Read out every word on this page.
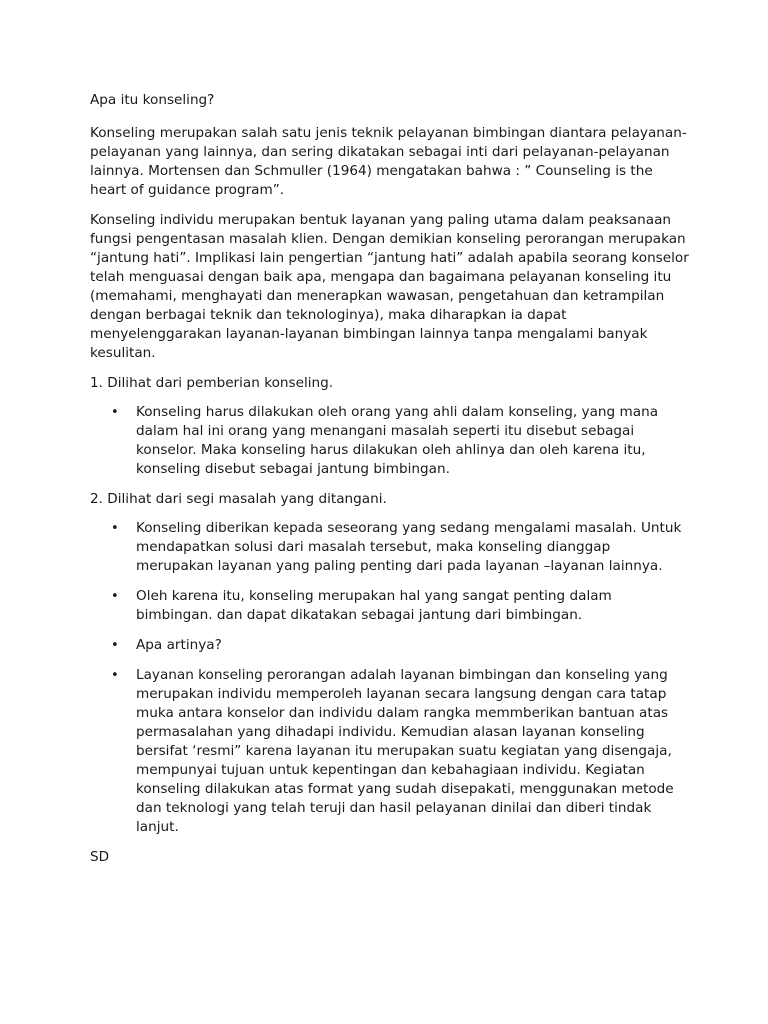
Apa itu konseling?

Konseling merupakan salah satu jenis teknik pelayanan bimbingan diantara pelayanan-pelayanan yang lainnya, dan sering dikatakan sebagai inti dari pelayanan-pelayanan lainnya. Mortensen dan Schmuller (1964) mengatakan bahwa : ” Counseling is the heart of guidance program”.

Konseling individu merupakan bentuk layanan yang paling utama dalam peaksanaan fungsi pengentasan masalah klien. Dengan demikian konseling perorangan merupakan “jantung hati”. Implikasi lain pengertian “jantung hati” adalah apabila seorang konselor telah menguasai dengan baik apa, mengapa dan bagaimana pelayanan konseling itu (memahami, menghayati dan menerapkan wawasan, pengetahuan dan ketrampilan dengan berbagai teknik dan teknologinya), maka diharapkan ia dapat menyelenggarakan layanan-layanan bimbingan lainnya tanpa mengalami banyak kesulitan.

1. Dilihat dari pemberian konseling.

• Konseling harus dilakukan oleh orang yang ahli dalam konseling, yang mana dalam hal ini orang yang menangani masalah seperti itu disebut sebagai konselor. Maka konseling harus dilakukan oleh ahlinya dan oleh karena itu, konseling disebut sebagai jantung bimbingan.

2. Dilihat dari segi masalah yang ditangani.

• Konseling diberikan kepada seseorang yang sedang mengalami masalah. Untuk mendapatkan solusi dari masalah tersebut, maka konseling dianggap merupakan layanan yang paling penting dari pada layanan –layanan lainnya.
• Oleh karena itu, konseling merupakan hal yang sangat penting dalam bimbingan. dan dapat dikatakan sebagai jantung dari bimbingan.
• Apa artinya?
• Layanan konseling perorangan adalah layanan bimbingan dan konseling yang merupakan individu memperoleh layanan secara langsung dengan cara tatap muka antara konselor dan individu dalam rangka memmberikan bantuan atas permasalahan yang dihadapi individu. Kemudian alasan layanan konseling bersifat ‘resmi” karena layanan itu merupakan suatu kegiatan yang disengaja, mempunyai tujuan untuk kepentingan dan kebahagiaan individu. Kegiatan konseling dilakukan atas format yang sudah disepakati, menggunakan metode dan teknologi yang telah teruji dan hasil pelayanan dinilai dan diberi tindak lanjut.

SD
